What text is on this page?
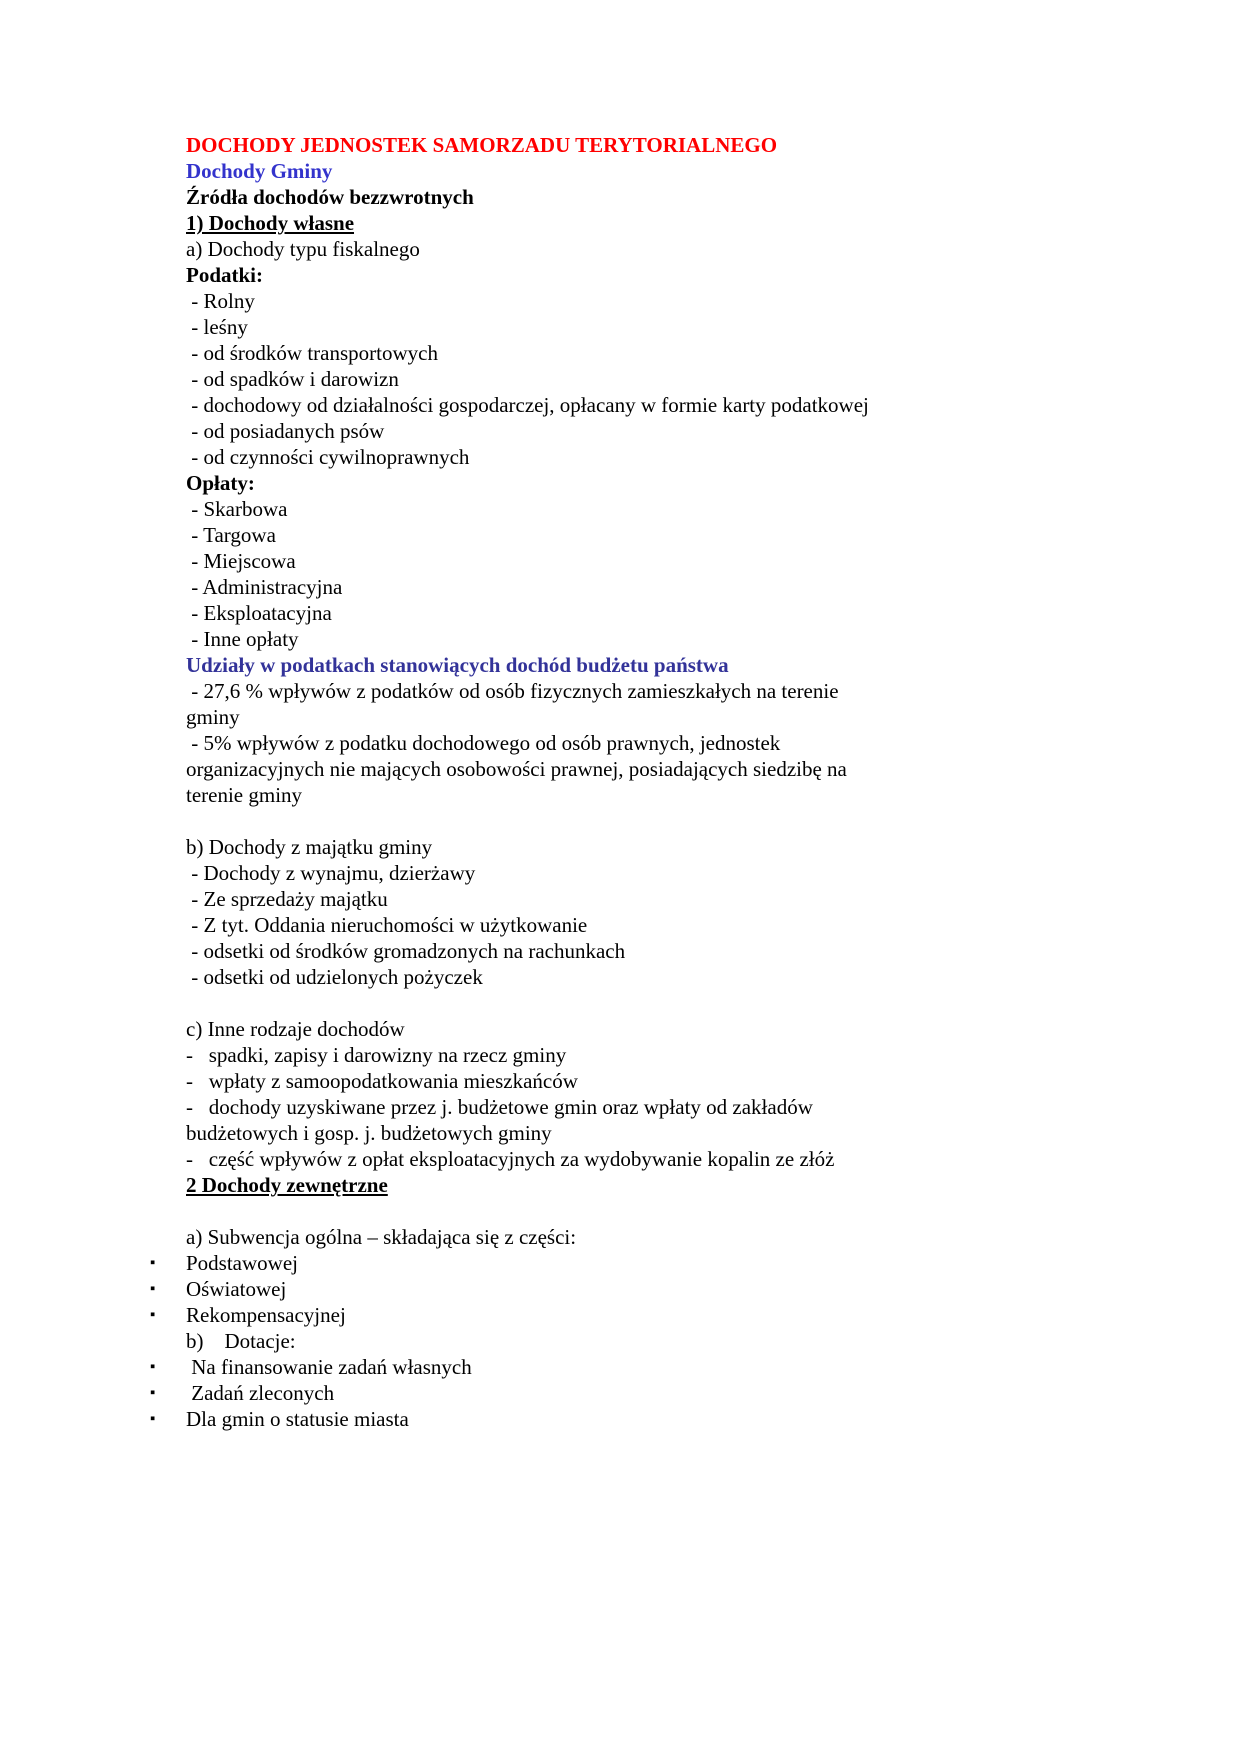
DOCHODY JEDNOSTEK SAMORZADU TERYTORIALNEGO
Dochody Gminy
Źródła dochodów bezzwrotnych
1) Dochody własne
a) Dochody typu fiskalnego
Podatki:
- Rolny
- leśny
- od środków transportowych
- od spadków i darowizn
- dochodowy od działalności gospodarczej, opłacany w formie karty podatkowej
- od posiadanych psów
- od czynności cywilnoprawnych
Opłaty:
- Skarbowa
- Targowa
- Miejscowa
- Administracyjna
- Eksploatacyjna
- Inne opłaty
Udziały w podatkach stanowiących dochód budżetu państwa
- 27,6 % wpływów z podatków od osób fizycznych zamieszkałych na terenie
gminy
- 5% wpływów z podatku dochodowego od osób prawnych, jednostek
organizacyjnych nie mających osobowości prawnej, posiadających siedzibę na
terenie gminy
b) Dochody z majątku gminy
- Dochody z wynajmu, dzierżawy
- Ze sprzedaży majątku
- Z tyt. Oddania nieruchomości w użytkowanie
- odsetki od środków gromadzonych na rachunkach
- odsetki od udzielonych pożyczek
c) Inne rodzaje dochodów
-   spadki, zapisy i darowizny na rzecz gminy
-   wpłaty z samoopodatkowania mieszkańców
-   dochody uzyskiwane przez j. budżetowe gmin oraz wpłaty od zakładów
budżetowych i gosp. j. budżetowych gminy
-   część wpływów z opłat eksploatacyjnych za wydobywanie kopalin ze złóż
2 Dochody zewnętrzne
a) Subwencja ogólna – składająca się z części:
▪ Podstawowej
▪ Oświatowej
▪ Rekompensacyjnej
b)    Dotacje:
▪ Na finansowanie zadań własnych
▪ Zadań zleconych
▪ Dla gmin o statusie miasta
